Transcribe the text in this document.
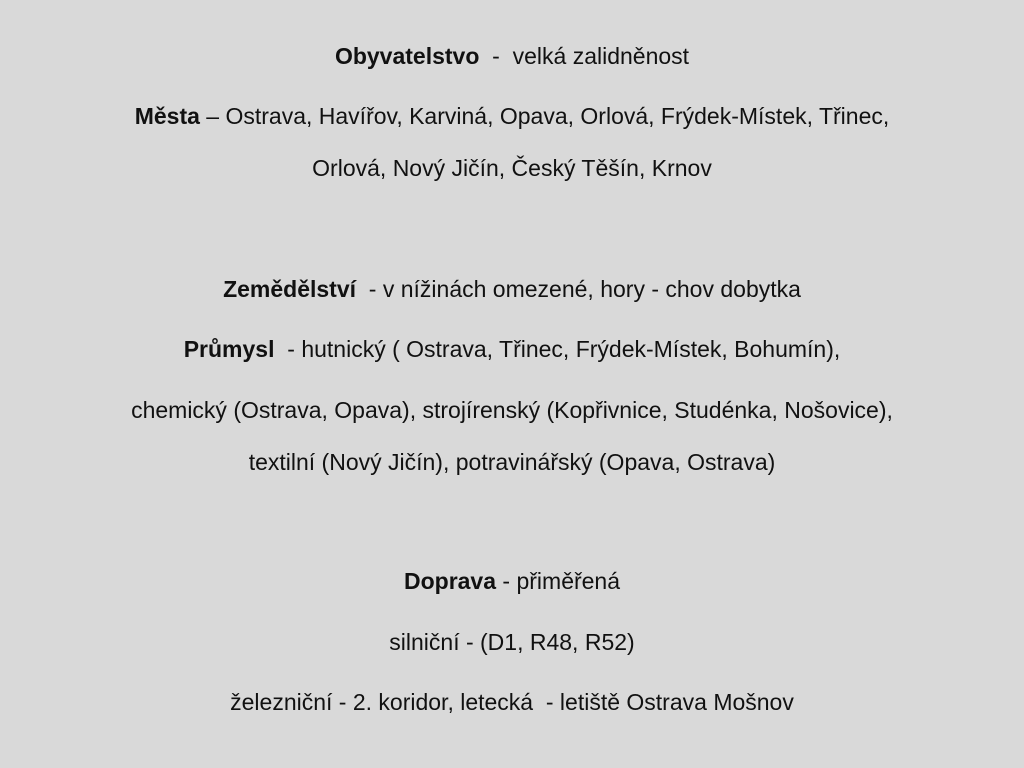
Obyvatelstvo  -  velká zalidněnost
Města – Ostrava, Havířov, Karviná, Opava, Orlová, Frýdek-Místek, Třinec,
Orlová, Nový Jičín, Český Těšín, Krnov
Zemědělství  - v nížinách omezené, hory - chov dobytka
Průmysl  - hutnický ( Ostrava, Třinec, Frýdek-Místek, Bohumín),
chemický (Ostrava, Opava), strojírenský (Kopřivnice, Studénka, Nošovice),
textilní (Nový Jičín), potravinářský (Opava, Ostrava)
Doprava - přiměřená
silniční - (D1, R48, R52)
železniční - 2. koridor, letecká  - letiště Ostrava Mošnov
